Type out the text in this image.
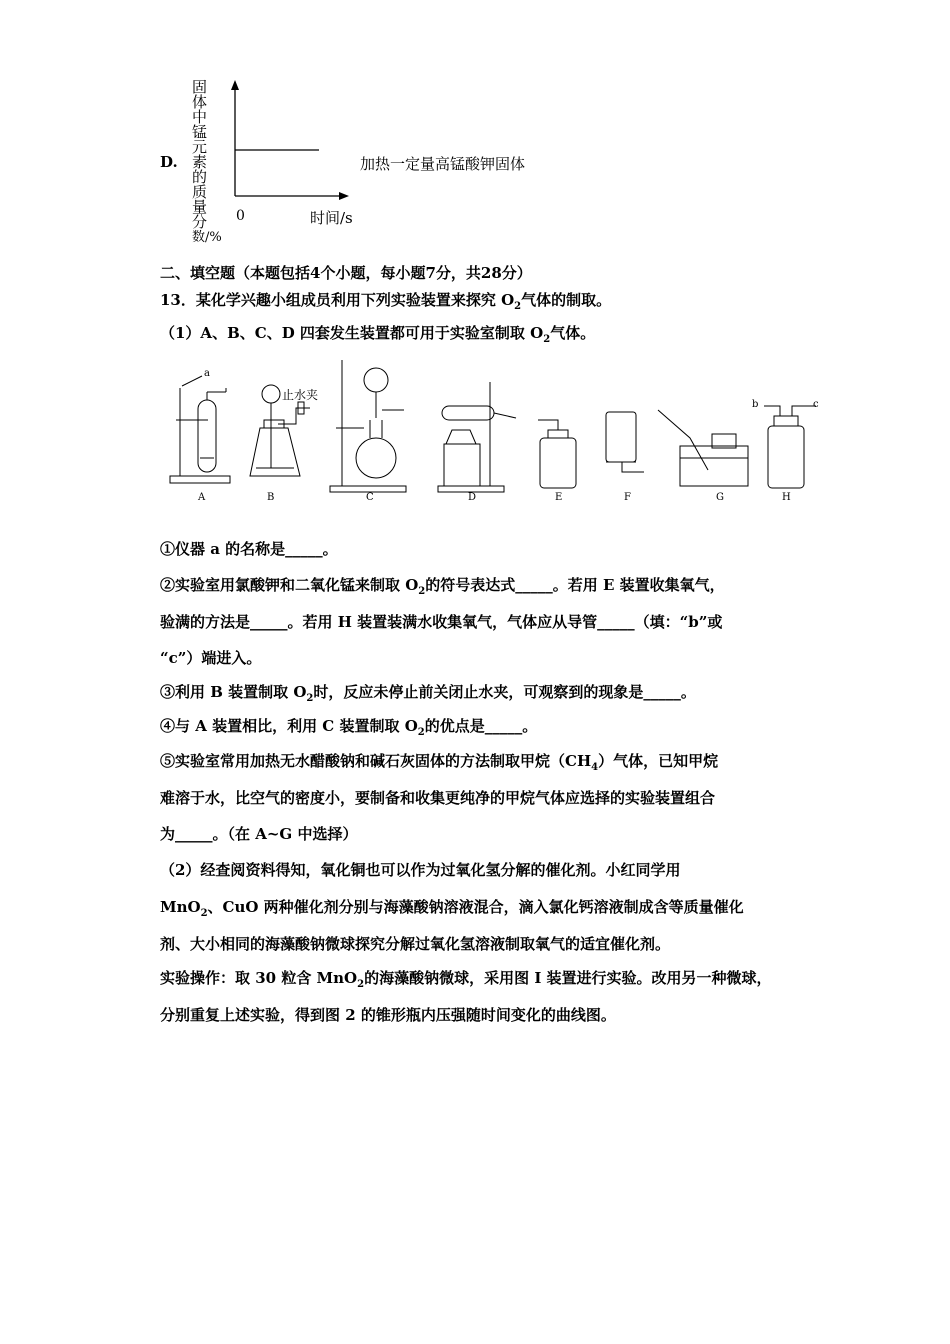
D.
固
体
中
锰
元
素
的
质
量
分
数/%
0	时间/s
加热一定量高锰酸钾固体
二、填空题（本题包括4个小题，每小题7分，共28分）
13．某化学兴趣小组成员利用下列实验装置来探究 $O_2$气体的制取。
（1）A、B、C、D 四套发生装置都可用于实验室制取 $O_2$气体。
a
止水夹
b	c
A	B	C	D	E	F	G	H
①仪器 a 的名称是_____。
②实验室用氯酸钾和二氧化锰来制取 $O_2$的符号表达式_____。若用 E 装置收集氧气，
验满的方法是_____。若用 H 装置装满水收集氧气，气体应从导管_____（填：“b”或
“c”）端进入。
③利用 B 装置制取 $O_2$时，反应未停止前关闭止水夹，可观察到的现象是_____。
④与 A 装置相比，利用 C 装置制取 $O_2$的优点是_____。
⑤实验室常用加热无水醋酸钠和碱石灰固体的方法制取甲烷$(CH_4)$气体，已知甲烷
难溶于水，比空气的密度小，要制备和收集更纯净的甲烷气体应选择的实验装置组合
为_____。（在 A~G 中选择）
（2）经查阅资料得知，氧化铜也可以作为过氧化氢分解的催化剂。小红同学用
MnO$_2$、CuO 两种催化剂分别与海藻酸钠溶液混合，滴入氯化钙溶液制成含等质量催化
剂、大小相同的海藻酸钠微球探究分解过氧化氢溶液制取氧气的适宜催化剂。
实验操作：取 30 粒含 MnO$_2$的海藻酸钠微球，采用图 I 装置进行实验。改用另一种微球，
分别重复上述实验，得到图 2 的锥形瓶内压强随时间变化的曲线图。
